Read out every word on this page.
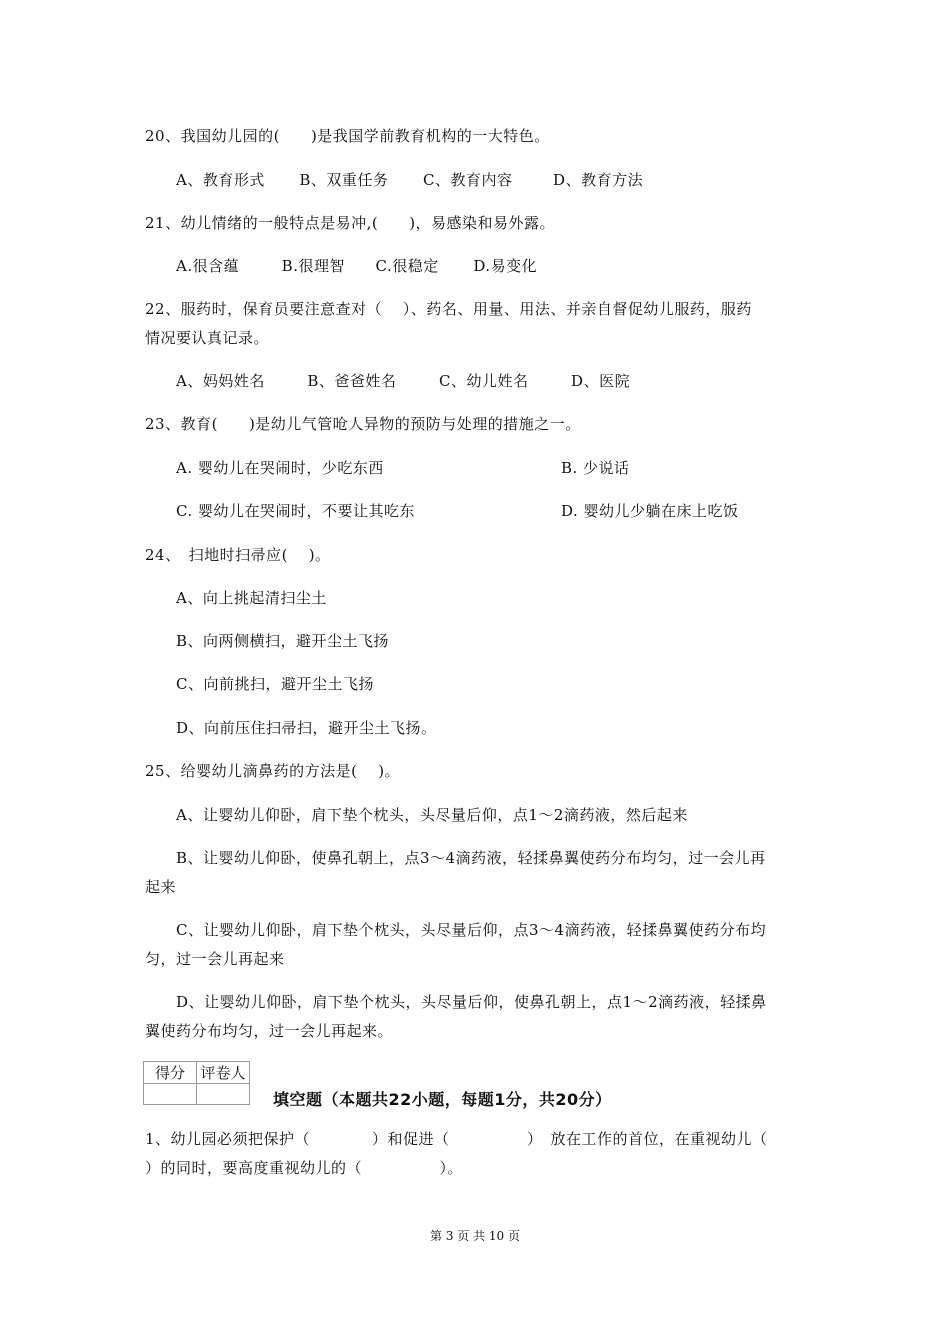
20、我国幼儿园的(　　)是我国学前教育机构的一大特色。
A、教育形式 B、双重任务 C、教育内容	D、教育方法
21、幼儿情绪的一般特点是易冲,(　　)，易感染和易外露。
A.很含蕴	B.很理智 C.很稳定 D.易变化
22、服药时，保育员要注意查对（　 ）、药名、用量、用法、并亲自督促幼儿服药，服药
情况要认真记录。
A、妈妈姓名	B、爸爸姓名	C、幼儿姓名	D、医院
23、教育(　　)是幼儿气管呛人异物的预防与处理的措施之一。
A. 婴幼儿在哭闹时，少吃东西	B. 少说话
C. 婴幼儿在哭闹时，不要让其吃东	D. 婴幼儿少躺在床上吃饭
24、　扫地时扫帚应(　 )。
A、向上挑起清扫尘土
B、向两侧横扫，避开尘土飞扬
C、向前挑扫，避开尘土飞扬
D、向前压住扫帚扫，避开尘土飞扬。
25、给婴幼儿滴鼻药的方法是(　 )。
A、让婴幼儿仰卧，肩下垫个枕头，头尽量后仰，点1～2滴药液，然后起来
B、让婴幼儿仰卧，使鼻孔朝上，点3～4滴药液，轻揉鼻翼使药分布均匀，过一会儿再
起来
C、让婴幼儿仰卧，肩下垫个枕头，头尽量后仰，点3～4滴药液，轻揉鼻翼使药分布均
匀，过一会儿再起来
D、让婴幼儿仰卧，肩下垫个枕头，头尽量后仰，使鼻孔朝上，点1～2滴药液，轻揉鼻
翼使药分布均匀，过一会儿再起来。
得分	评卷人

填空题（本题共22小题，每题1分，共20分）
1、幼儿园必须把保护（　　　　）和促进（　　　　　）　放在工作的首位，在重视幼儿（
）的同时，要高度重视幼儿的（　　　　　）。
第 3 页 共 10 页
